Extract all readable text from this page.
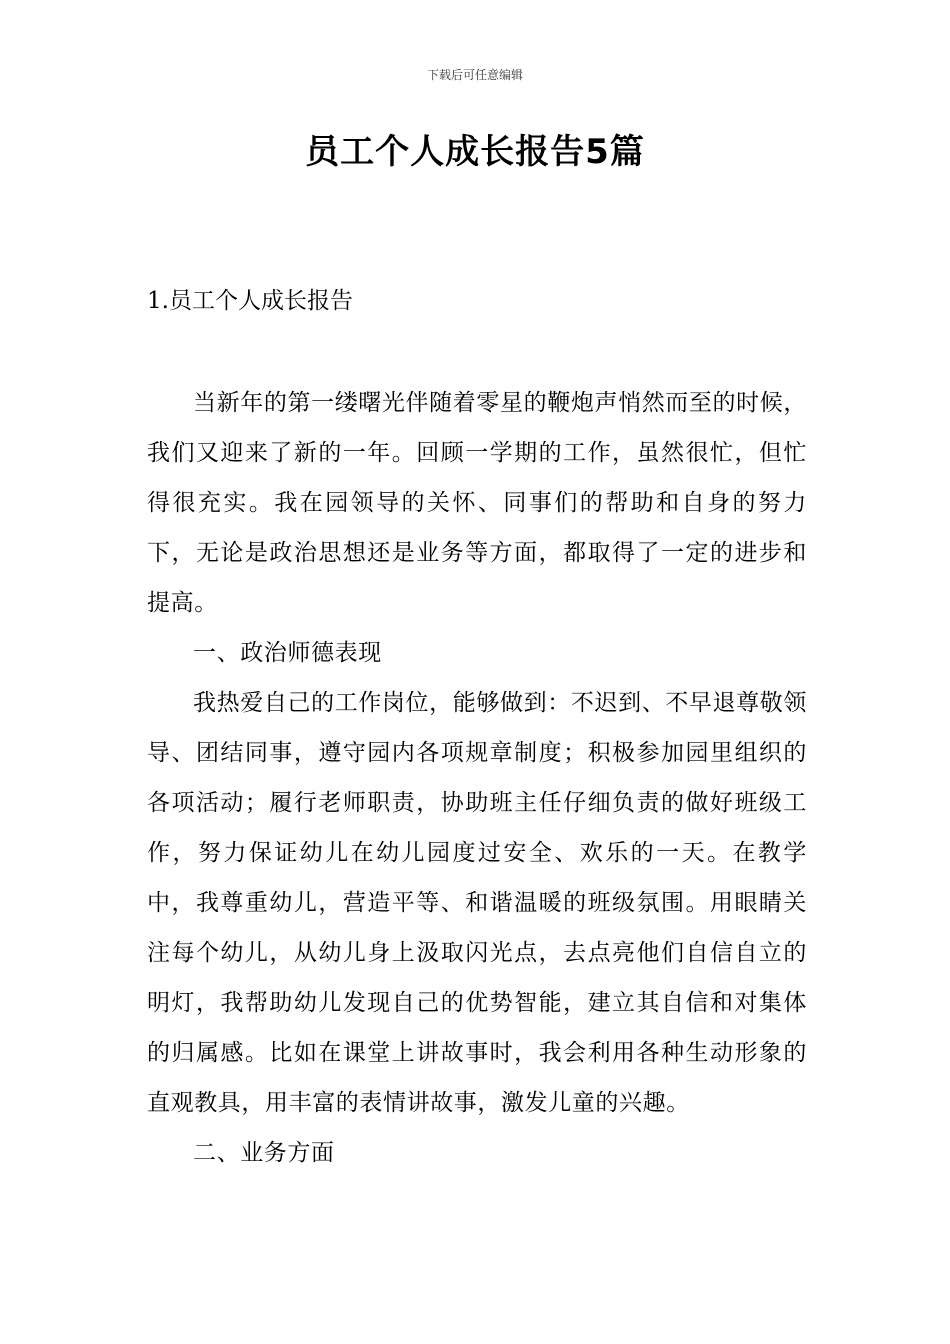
下载后可任意编辑
员工个人成长报告5篇
1.员工个人成长报告

当新年的第一缕曙光伴随着零星的鞭炮声悄然而至的时候，我们又迎来了新的一年。回顾一学期的工作，虽然很忙，但忙得很充实。我在园领导的关怀、同事们的帮助和自身的努力下，无论是政治思想还是业务等方面，都取得了一定的进步和提高。

一、政治师德表现

我热爱自己的工作岗位，能够做到：不迟到、不早退尊敬领导、团结同事，遵守园内各项规章制度；积极参加园里组织的各项活动；履行老师职责，协助班主任仔细负责的做好班级工作，努力保证幼儿在幼儿园度过安全、欢乐的一天。在教学中，我尊重幼儿，营造平等、和谐温暖的班级氛围。用眼睛关注每个幼儿，从幼儿身上汲取闪光点，去点亮他们自信自立的明灯，我帮助幼儿发现自己的优势智能，建立其自信和对集体的归属感。比如在课堂上讲故事时，我会利用各种生动形象的直观教具，用丰富的表情讲故事，激发儿童的兴趣。

二、业务方面
